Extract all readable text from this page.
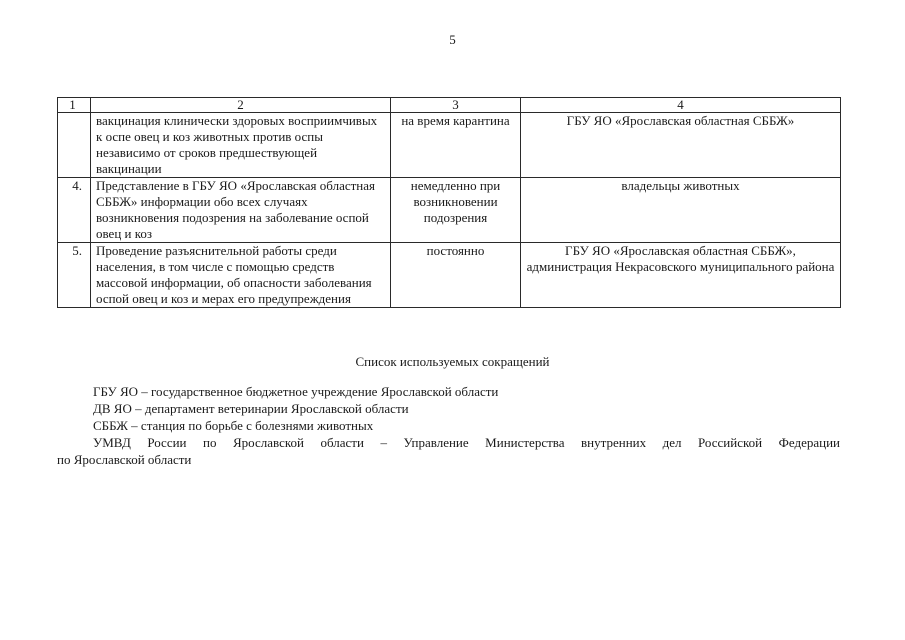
5
1	2	3	4
	вакцинация клинически здоровых восприимчивых к оспе овец и коз животных против оспы независимо от сроков предшествующей вакцинации	на время карантина	ГБУ ЯО «Ярославская областная СББЖ»
4.	Представление в ГБУ ЯО «Ярославская областная СББЖ» информации обо всех случаях возникновения подозрения на заболевание оспой овец и коз	немедленно при возникновении подозрения	владельцы животных
5.	Проведение разъяснительной работы среди населения, в том числе с помощью средств массовой информации, об опасности заболевания оспой овец и коз и мерах его предупреждения	постоянно	ГБУ ЯО «Ярославская областная СББЖ», администрация Некрасовского муниципального района
Список используемых сокращений
ГБУ ЯО – государственное бюджетное учреждение Ярославской области
ДВ ЯО – департамент ветеринарии Ярославской области
СББЖ – станция по борьбе с болезнями животных
УМВД России по Ярославской области – Управление Министерства внутренних дел Российской Федерации
по Ярославской области
